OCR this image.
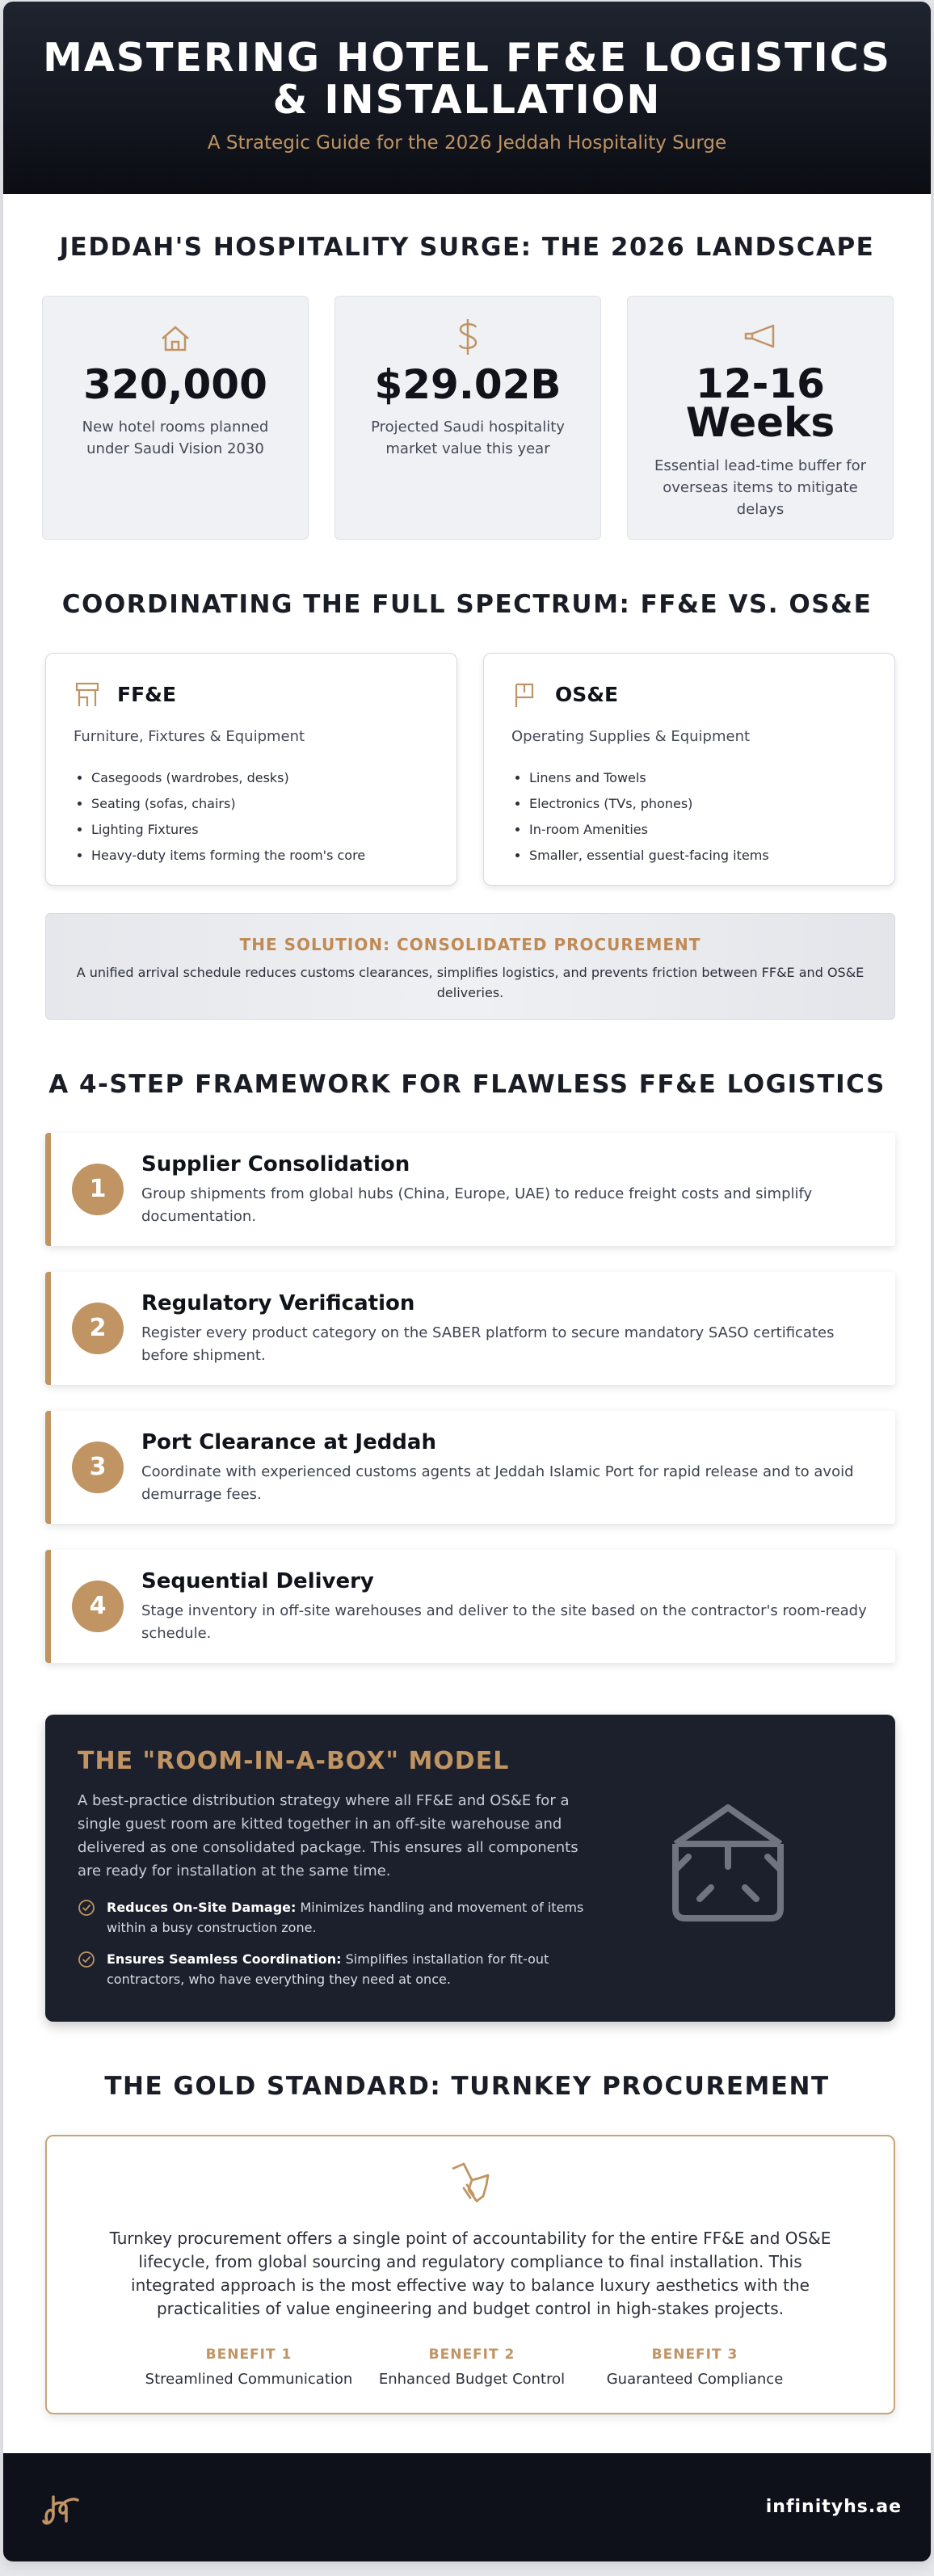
MASTERING HOTEL FF&E LOGISTICS
& INSTALLATION
A Strategic Guide for the 2026 Jeddah Hospitality Surge
JEDDAH'S HOSPITALITY SURGE: THE 2026 LANDSCAPE
320,000
New hotel rooms planned under Saudi Vision 2030
$29.02B
Projected Saudi hospitality market value this year
12-16
Weeks
Essential lead-time buffer for overseas items to mitigate delays
COORDINATING THE FULL SPECTRUM: FF&E VS. OS&E
FF&E
Furniture, Fixtures & Equipment
• Casegoods (wardrobes, desks)
• Seating (sofas, chairs)
• Lighting Fixtures
• Heavy-duty items forming the room's core
OS&E
Operating Supplies & Equipment
• Linens and Towels
• Electronics (TVs, phones)
• In-room Amenities
• Smaller, essential guest-facing items
THE SOLUTION: CONSOLIDATED PROCUREMENT
A unified arrival schedule reduces customs clearances, simplifies logistics, and prevents friction between FF&E and OS&E deliveries.
A 4-STEP FRAMEWORK FOR FLAWLESS FF&E LOGISTICS
1
Supplier Consolidation
Group shipments from global hubs (China, Europe, UAE) to reduce freight costs and simplify documentation.
2
Regulatory Verification
Register every product category on the SABER platform to secure mandatory SASO certificates before shipment.
3
Port Clearance at Jeddah
Coordinate with experienced customs agents at Jeddah Islamic Port for rapid release and to avoid demurrage fees.
4
Sequential Delivery
Stage inventory in off-site warehouses and deliver to the site based on the contractor's room-ready schedule.
THE "ROOM-IN-A-BOX" MODEL
A best-practice distribution strategy where all FF&E and OS&E for a single guest room are kitted together in an off-site warehouse and delivered as one consolidated package. This ensures all components are ready for installation at the same time.
Reduces On-Site Damage: Minimizes handling and movement of items within a busy construction zone.
Ensures Seamless Coordination: Simplifies installation for fit-out contractors, who have everything they need at once.
THE GOLD STANDARD: TURNKEY PROCUREMENT
Turnkey procurement offers a single point of accountability for the entire FF&E and OS&E lifecycle, from global sourcing and regulatory compliance to final installation. This integrated approach is the most effective way to balance luxury aesthetics with the practicalities of value engineering and budget control in high-stakes projects.
BENEFIT 1
Streamlined Communication
BENEFIT 2
Enhanced Budget Control
BENEFIT 3
Guaranteed Compliance
infinityhs.ae
